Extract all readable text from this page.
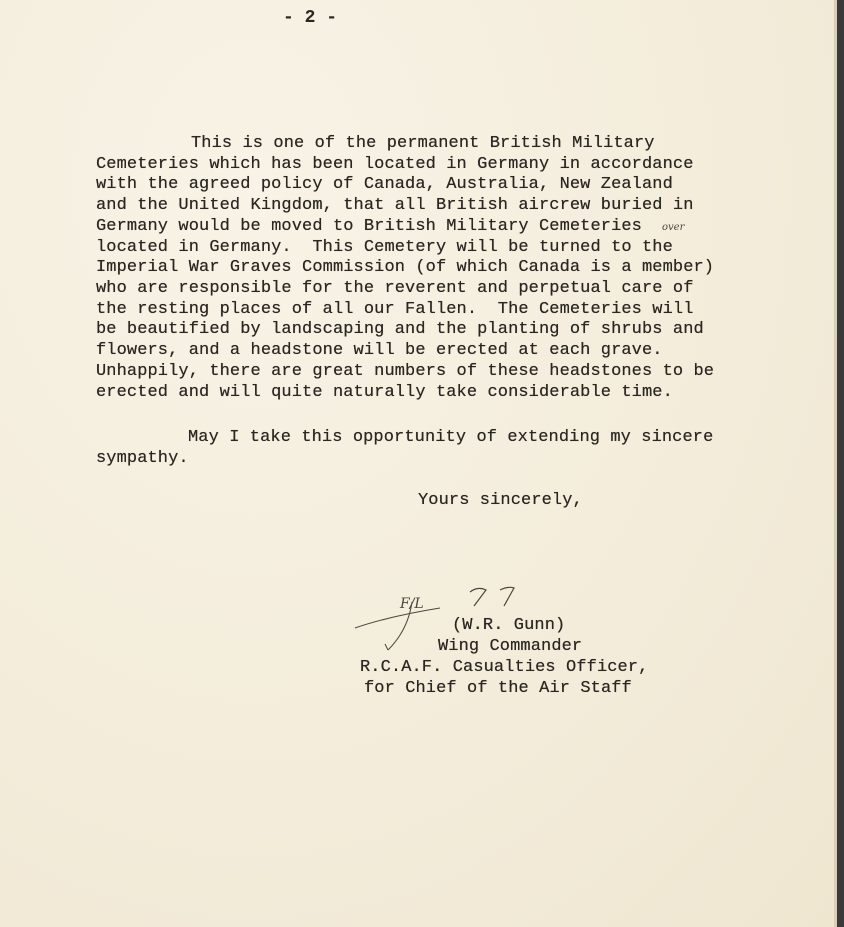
- 2 -
This is one of the permanent British Military
Cemeteries which has been located in Germany in accordance
with the agreed policy of Canada, Australia, New Zealand
and the United Kingdom, that all British aircrew buried in
Germany would be moved to British Military Cemeteries
located in Germany.  This Cemetery will be turned to the
Imperial War Graves Commission (of which Canada is a member)
who are responsible for the reverent and perpetual care of
the resting places of all our Fallen.  The Cemeteries will
be beautified by landscaping and the planting of shrubs and
flowers, and a headstone will be erected at each grave.
Unhappily, there are great numbers of these headstones to be
erected and will quite naturally take considerable time.
over
May I take this opportunity of extending my sincere
sympathy.
Yours sincerely,
F/L
(W.R. Gunn)
Wing Commander
R.C.A.F. Casualties Officer,
for Chief of the Air Staff
